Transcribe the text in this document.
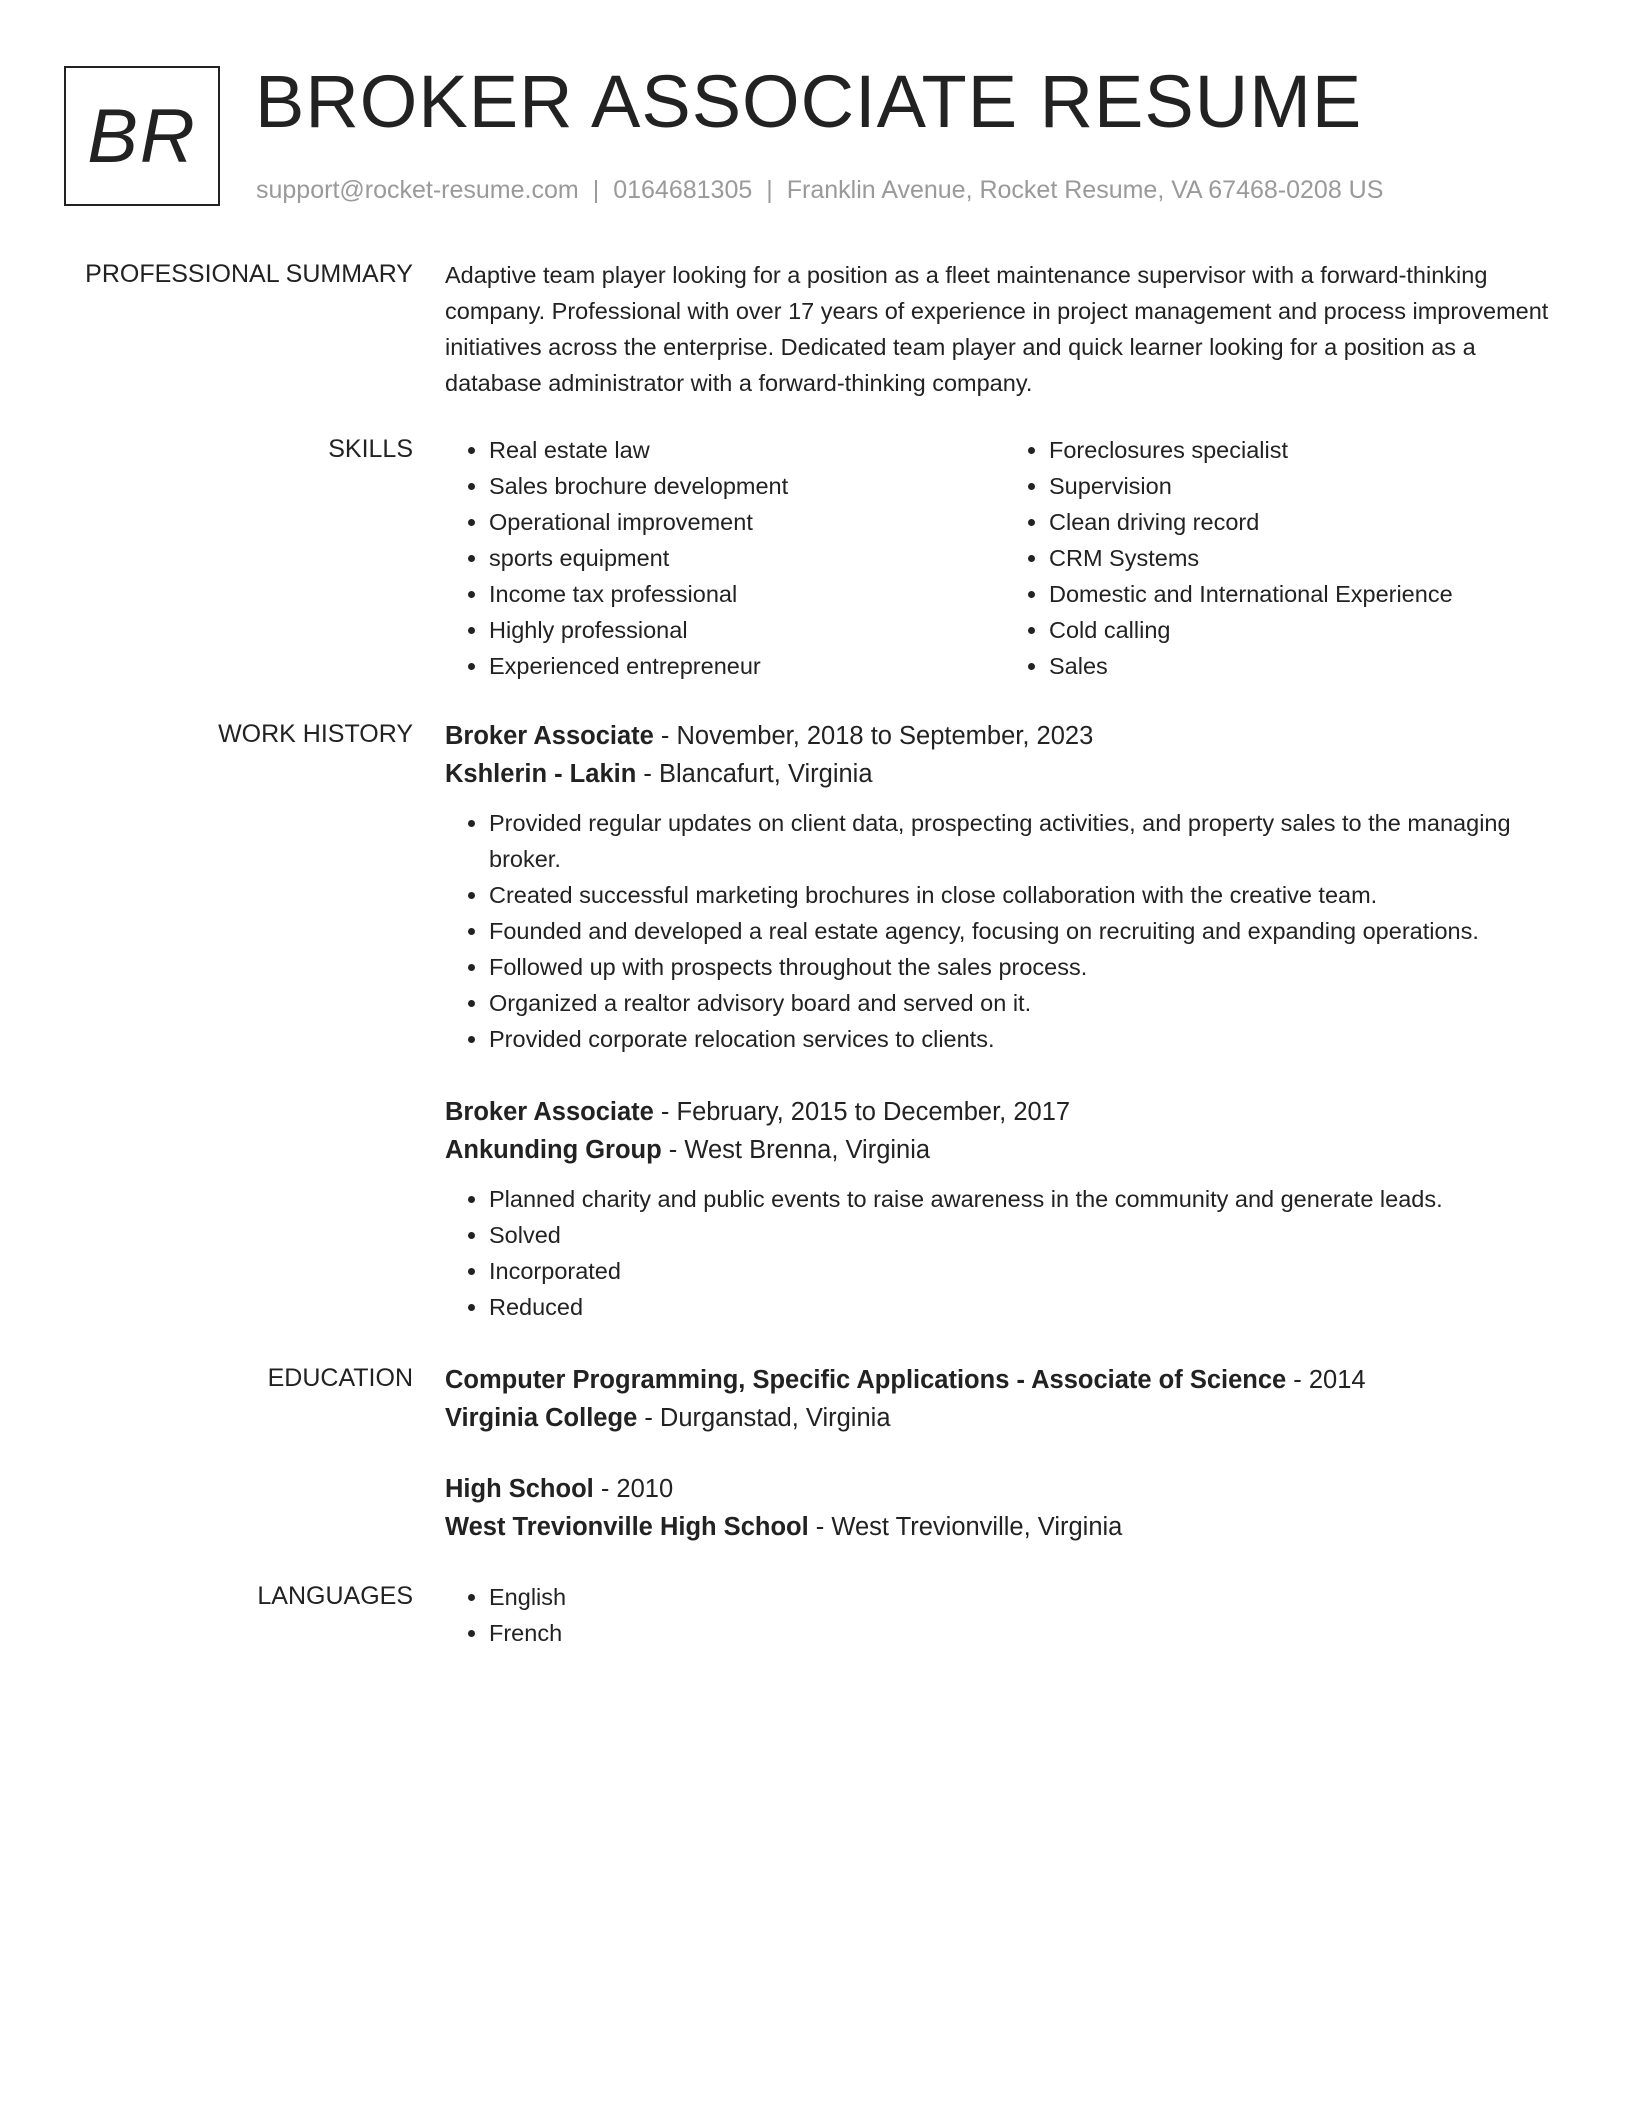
BR BROKER ASSOCIATE RESUME
support@rocket-resume.com | 0164681305 | Franklin Avenue, Rocket Resume, VA 67468-0208 US
PROFESSIONAL SUMMARY Adaptive team player looking for a position as a fleet maintenance supervisor with a forward-thinking company. Professional with over 17 years of experience in project management and process improvement initiatives across the enterprise. Dedicated team player and quick learner looking for a position as a database administrator with a forward-thinking company.

SKILLS	• Real estate law
• Sales brochure development
• Operational improvement
• sports equipment
• Income tax professional
• Highly professional
• Experienced entrepreneur
• Foreclosures specialist
• Supervision
• Clean driving record
• CRM Systems
• Domestic and International Experience
• Cold calling
• Sales
WORK HISTORY Broker Associate - November, 2018 to September, 2023
Kshlerin - Lakin - Blancafurt, Virginia
• Provided regular updates on client data, prospecting activities, and property sales to the managing broker.
• Created successful marketing brochures in close collaboration with the creative team.
• Founded and developed a real estate agency, focusing on recruiting and expanding operations.
• Followed up with prospects throughout the sales process.
• Organized a realtor advisory board and served on it.
• Provided corporate relocation services to clients.
Broker Associate - February, 2015 to December, 2017
Ankunding Group - West Brenna, Virginia
• Planned charity and public events to raise awareness in the community and generate leads.
• Solved
• Incorporated
• Reduced
EDUCATION Computer Programming, Specific Applications - Associate of Science - 2014
Virginia College - Durganstad, Virginia
High School - 2010
West Trevionville High School - West Trevionville, Virginia
LANGUAGES	• English
• French
